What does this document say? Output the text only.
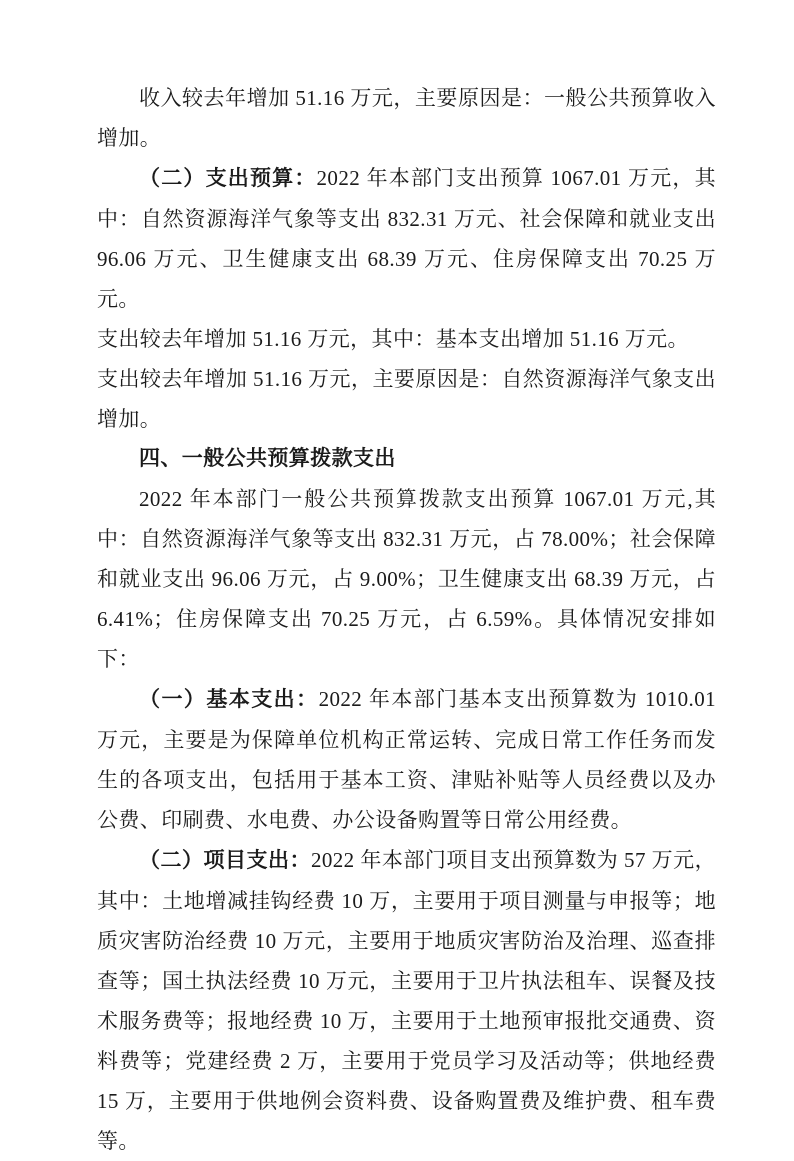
收入较去年增加 51.16 万元，主要原因是：一般公共预算收入增加。

（二）支出预算：2022 年本部门支出预算 1067.01 万元，其中：自然资源海洋气象等支出 832.31 万元、社会保障和就业支出 96.06 万元、卫生健康支出 68.39 万元、住房保障支出 70.25 万元。

支出较去年增加 51.16 万元，其中：基本支出增加 51.16 万元。

支出较去年增加 51.16 万元，主要原因是：自然资源海洋气象支出增加。

四、一般公共预算拨款支出

2022 年本部门一般公共预算拨款支出预算 1067.01 万元,其中：自然资源海洋气象等支出 832.31 万元，占 78.00%；社会保障和就业支出 96.06 万元，占 9.00%；卫生健康支出 68.39 万元，占 6.41%；住房保障支出 70.25 万元，占 6.59%。具体情况安排如下：

（一）基本支出：2022 年本部门基本支出预算数为 1010.01 万元，主要是为保障单位机构正常运转、完成日常工作任务而发生的各项支出，包括用于基本工资、津贴补贴等人员经费以及办公费、印刷费、水电费、办公设备购置等日常公用经费。

（二）项目支出：2022 年本部门项目支出预算数为 57 万元，其中：土地增减挂钩经费 10 万，主要用于项目测量与申报等；地质灾害防治经费 10 万元，主要用于地质灾害防治及治理、巡查排查等；国土执法经费 10 万元，主要用于卫片执法租车、误餐及技术服务费等；报地经费 10 万，主要用于土地预审报批交通费、资料费等；党建经费 2 万，主要用于党员学习及活动等；供地经费 15 万，主要用于供地例会资料费、设备购置费及维护费、租车费等。
